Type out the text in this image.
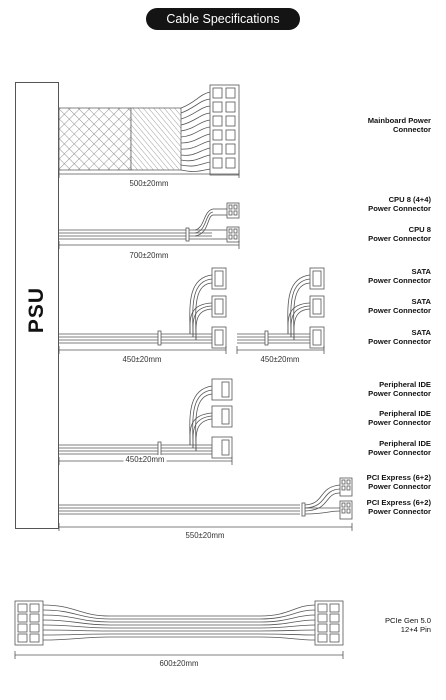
Cable Specifications
PSU
500±20mm
700±20mm
450±20mm	450±20mm
450±20mm
550±20mm
600±20mm
Mainboard Power
Connector
CPU 8 (4+4)
Power Connector
CPU 8
Power Connector
SATA
Power Connector
SATA
Power Connector
SATA
Power Connector
Peripheral IDE
Power Connector
Peripheral IDE
Power Connector
Peripheral IDE
Power Connector
PCI Express (6+2)
Power Connector
PCI Express (6+2)
Power Connector
PCIe Gen 5.0
12+4 Pin
